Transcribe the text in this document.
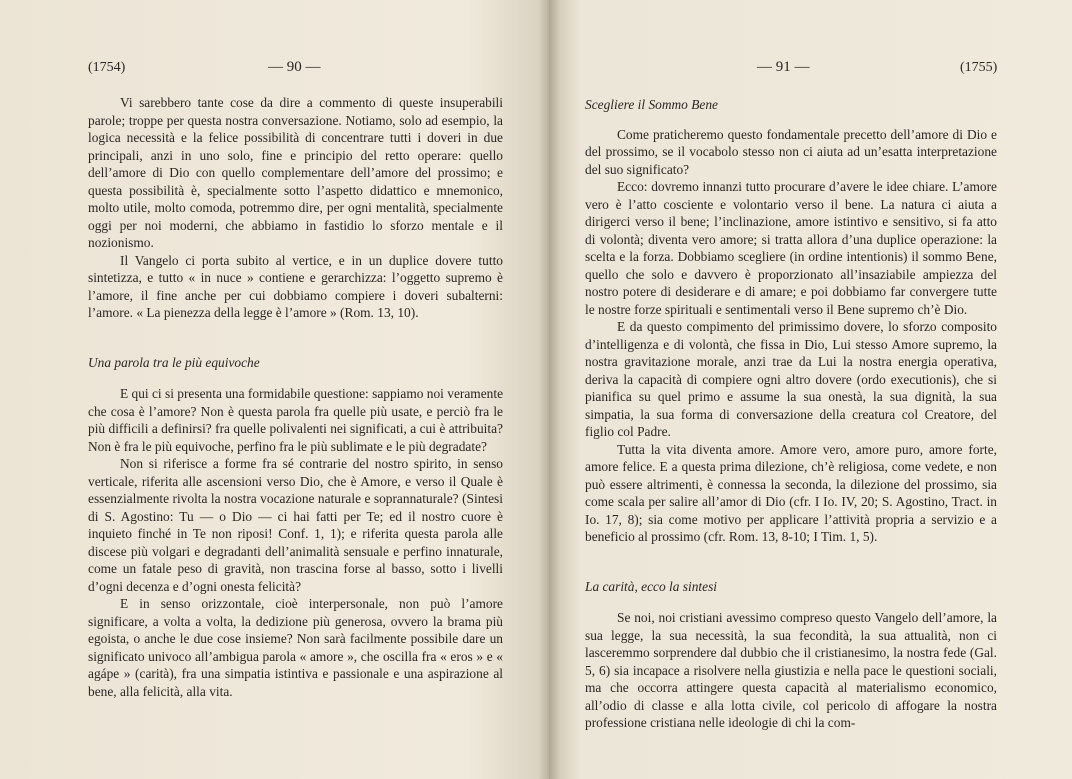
(1754)	— 90 —

Vi sarebbero tante cose da dire a commento di queste insuperabili parole; troppe per questa nostra conversazione. Notiamo, solo ad esempio, la logica necessità e la felice possibilità di concentrare tutti i doveri in due principali, anzi in uno solo, fine e principio del retto operare: quello dell’amore di Dio con quello complementare dell’amore del prossimo; e questa possibilità è, specialmente sotto l’aspetto didattico e mnemonico, molto utile, molto comoda, potremmo dire, per ogni mentalità, specialmente oggi per noi moderni, che abbiamo in fastidio lo sforzo mentale e il nozionismo.

Il Vangelo ci porta subito al vertice, e in un duplice dovere tutto sintetizza, e tutto « in nuce » contiene e gerarchizza: l’oggetto supremo è l’amore, il fine anche per cui dobbiamo compiere i doveri subalterni: l’amore. « La pienezza della legge è l’amore » (Rom. 13, 10).

Una parola tra le più equivoche

E qui ci si presenta una formidabile questione: sappiamo noi veramente che cosa è l’amore? Non è questa parola fra quelle più usate, e perciò fra le più difficili a definirsi? fra quelle polivalenti nei significati, a cui è attribuita? Non è fra le più equivoche, perfino fra le più sublimate e le più degradate?

Non si riferisce a forme fra sé contrarie del nostro spirito, in senso verticale, riferita alle ascensioni verso Dio, che è Amore, e verso il Quale è essenzialmente rivolta la nostra vocazione naturale e soprannaturale? (Sintesi di S. Agostino: Tu — o Dio — ci hai fatti per Te; ed il nostro cuore è inquieto finché in Te non riposi! Conf. 1, 1); e riferita questa parola alle discese più volgari e degradanti dell’animalità sensuale e perfino innaturale, come un fatale peso di gravità, non trascina forse al basso, sotto i livelli d’ogni decenza e d’ogni onesta felicità?

E in senso orizzontale, cioè interpersonale, non può l’amore significare, a volta a volta, la dedizione più generosa, ovvero la brama più egoista, o anche le due cose insieme? Non sarà facilmente possibile dare un significato univoco all’ambigua parola « amore », che oscilla fra « eros » e « agápe » (carità), fra una simpatia istintiva e passionale e una aspirazione al bene, alla felicità, alla vita.

— 91 —	(1755)
Scegliere il Sommo Bene

Come praticheremo questo fondamentale precetto dell’amore di Dio e del prossimo, se il vocabolo stesso non ci aiuta ad un’esatta interpretazione del suo significato?

Ecco: dovremo innanzi tutto procurare d’avere le idee chiare. L’amore vero è l’atto cosciente e volontario verso il bene. La natura ci aiuta a dirigerci verso il bene; l’inclinazione, amore istintivo e sensitivo, si fa atto di volontà; diventa vero amore; si tratta allora d’una duplice operazione: la scelta e la forza. Dobbiamo scegliere (in ordine intentionis) il sommo Bene, quello che solo e davvero è proporzionato all’insaziabile ampiezza del nostro potere di desiderare e di amare; e poi dobbiamo far convergere tutte le nostre forze spirituali e sentimentali verso il Bene supremo ch’è Dio.

E da questo compimento del primissimo dovere, lo sforzo composito d’intelligenza e di volontà, che fissa in Dio, Lui stesso Amore supremo, la nostra gravitazione morale, anzi trae da Lui la nostra energia operativa, deriva la capacità di compiere ogni altro dovere (ordo executionis), che si pianifica su quel primo e assume la sua onestà, la sua dignità, la sua simpatia, la sua forma di conversazione della creatura col Creatore, del figlio col Padre.

Tutta la vita diventa amore. Amore vero, amore puro, amore forte, amore felice. E a questa prima dilezione, ch’è religiosa, come vedete, e non può essere altrimenti, è connessa la seconda, la dilezione del prossimo, sia come scala per salire all’amor di Dio (cfr. I Io. IV, 20; S. Agostino, Tract. in Io. 17, 8); sia come motivo per applicare l’attività propria a servizio e a beneficio al prossimo (cfr. Rom. 13, 8-10; I Tim. 1, 5).

La carità, ecco la sintesi

Se noi, noi cristiani avessimo compreso questo Vangelo dell’amore, la sua legge, la sua necessità, la sua fecondità, la sua attualità, non ci lasceremmo sorprendere dal dubbio che il cristianesimo, la nostra fede (Gal. 5, 6) sia incapace a risolvere nella giustizia e nella pace le questioni sociali, ma che occorra attingere questa capacità al materialismo economico, all’odio di classe e alla lotta civile, col pericolo di affogare la nostra professione cristiana nelle ideologie di chi la com-
